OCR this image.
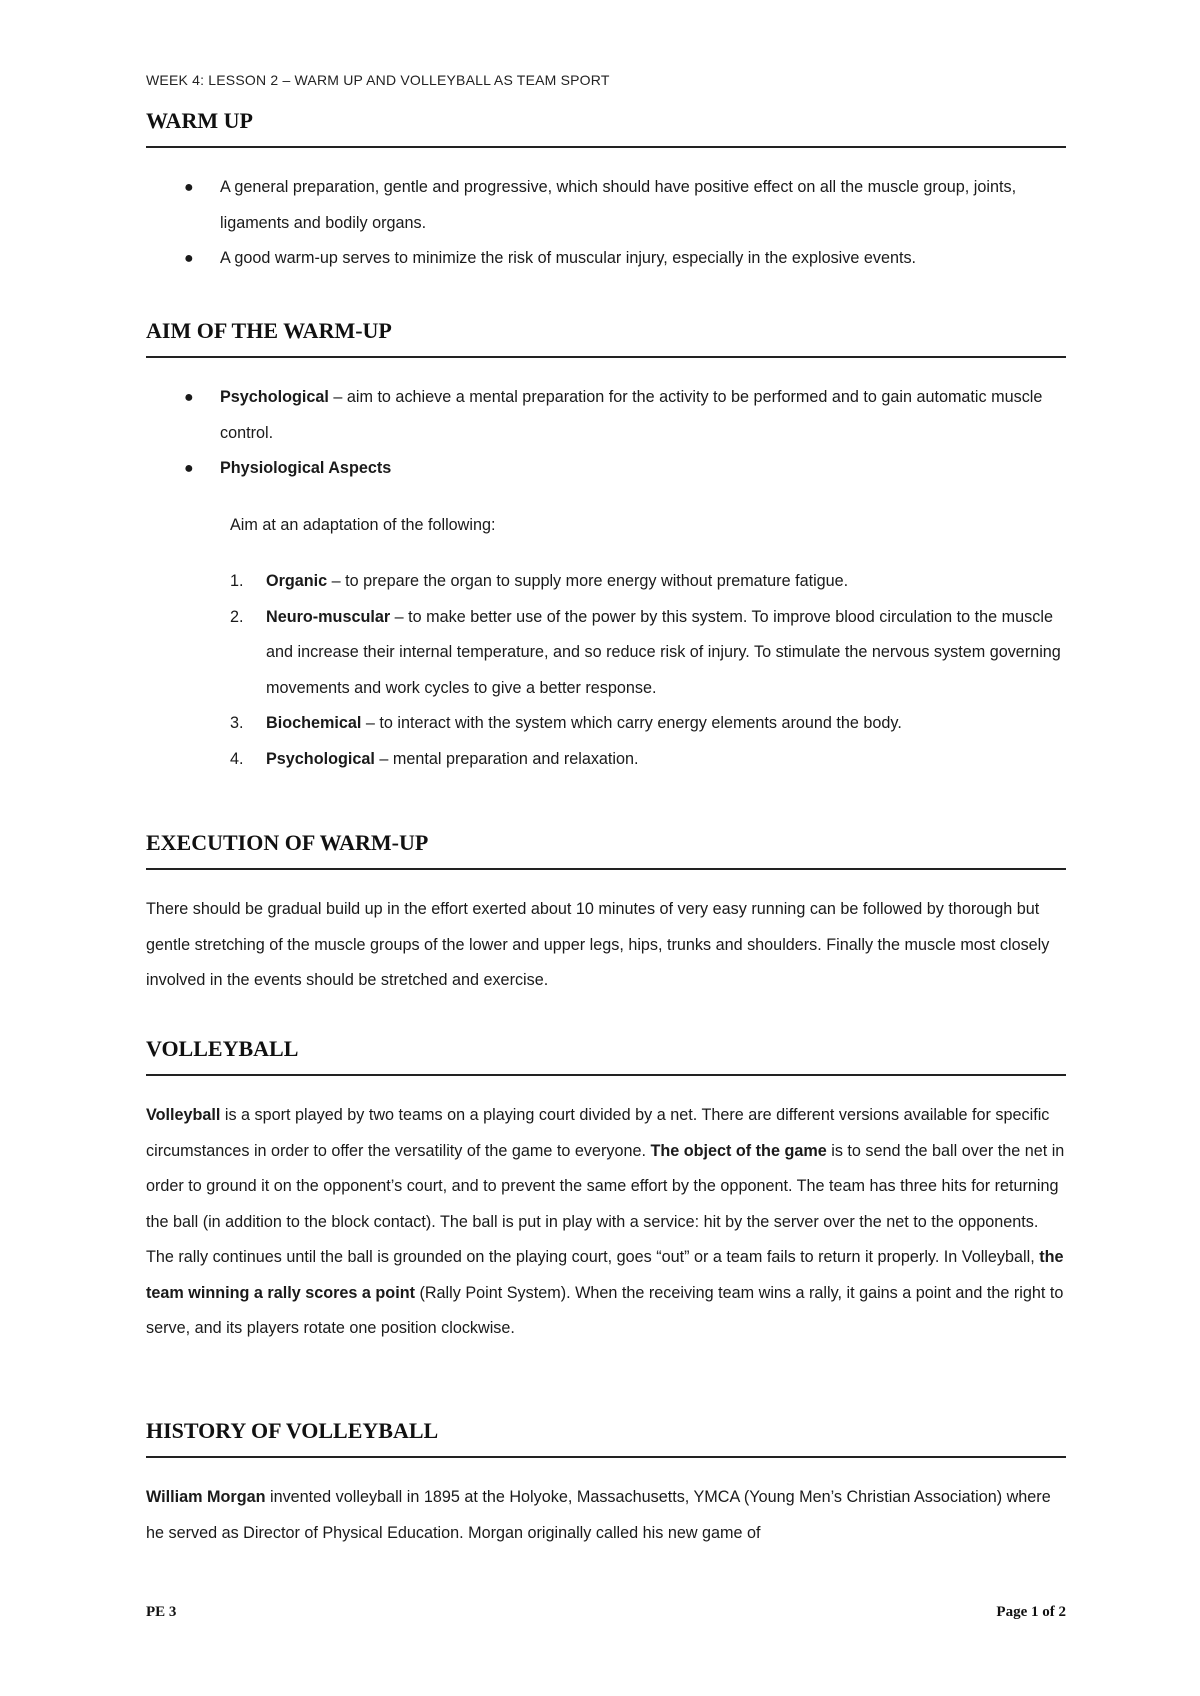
WEEK 4: LESSON 2 – WARM UP AND VOLLEYBALL AS TEAM SPORT
WARM UP
● A general preparation, gentle and progressive, which should have positive effect on all the muscle group, joints, ligaments and bodily organs.
● A good warm-up serves to minimize the risk of muscular injury, especially in the explosive events.
AIM OF THE WARM-UP
● Psychological – aim to achieve a mental preparation for the activity to be performed and to gain automatic muscle control.
● Physiological Aspects
Aim at an adaptation of the following:
1. Organic – to prepare the organ to supply more energy without premature fatigue.
2. Neuro-muscular – to make better use of the power by this system. To improve blood circulation to the muscle and increase their internal temperature, and so reduce risk of injury. To stimulate the nervous system governing movements and work cycles to give a better response.
3. Biochemical – to interact with the system which carry energy elements around the body.
4. Psychological – mental preparation and relaxation.
EXECUTION OF WARM-UP

There should be gradual build up in the effort exerted about 10 minutes of very easy running can be followed by thorough but gentle stretching of the muscle groups of the lower and upper legs, hips, trunks and shoulders. Finally the muscle most closely involved in the events should be stretched and exercise.

VOLLEYBALL

Volleyball is a sport played by two teams on a playing court divided by a net. There are different versions available for specific circumstances in order to offer the versatility of the game to everyone. The object of the game is to send the ball over the net in order to ground it on the opponent’s court, and to prevent the same effort by the opponent. The team has three hits for returning the ball (in addition to the block contact). The ball is put in play with a service: hit by the server over the net to the opponents. The rally continues until the ball is grounded on the playing court, goes “out” or a team fails to return it properly. In Volleyball, the team winning a rally scores a point (Rally Point System). When the receiving team wins a rally, it gains a point and the right to serve, and its players rotate one position clockwise.

HISTORY OF VOLLEYBALL

William Morgan invented volleyball in 1895 at the Holyoke, Massachusetts, YMCA (Young Men’s Christian Association) where he served as Director of Physical Education. Morgan originally called his new game of

PE 3	Page 1 of 2
